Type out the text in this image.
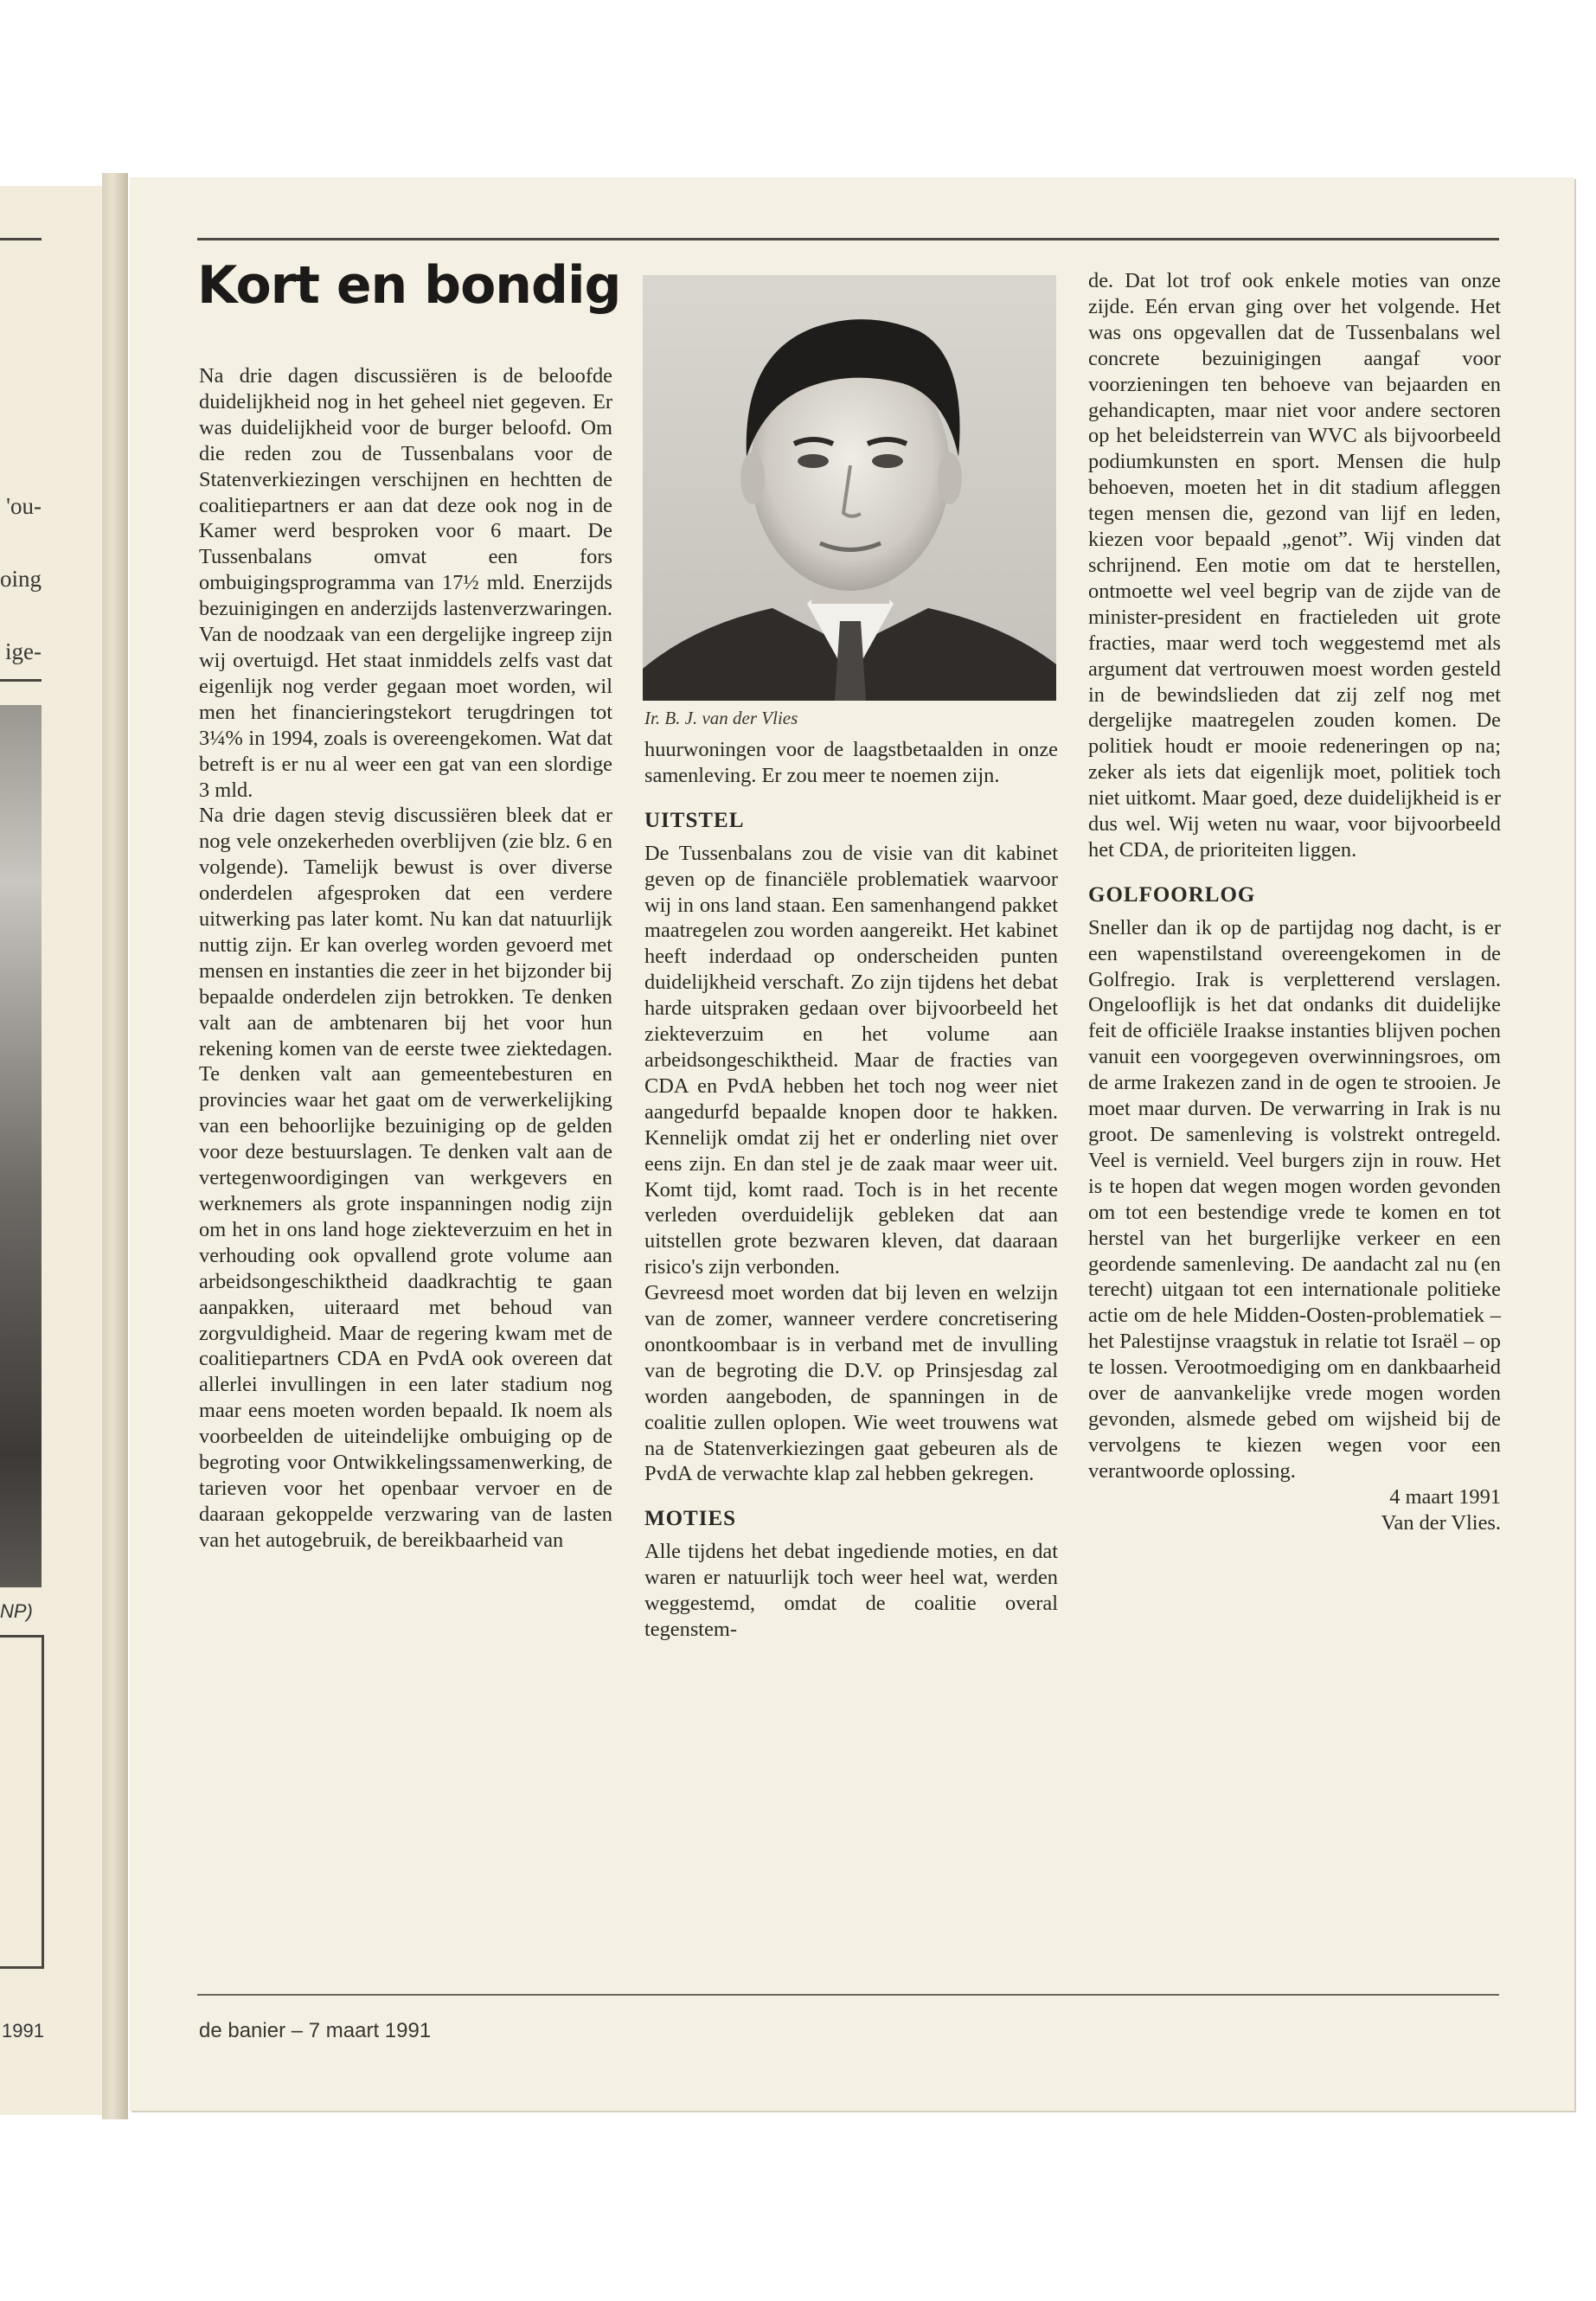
'ou-

oing

ige-

NP)
1991
Kort en bondig

Na drie dagen discussiëren is de beloofde duidelijkheid nog in het geheel niet gegeven. Er was duidelijkheid voor de burger beloofd. Om die reden zou de Tussenbalans voor de Statenverkiezingen verschijnen en hechtten de coalitiepartners er aan dat deze ook nog in de Kamer werd besproken voor 6 maart. De Tussenbalans omvat een fors ombuigingsprogramma van 17½ mld. Enerzijds bezuinigingen en anderzijds lastenverzwaringen. Van de noodzaak van een dergelijke ingreep zijn wij overtuigd. Het staat inmiddels zelfs vast dat eigenlijk nog verder gegaan moet worden, wil men het financieringstekort terugdringen tot 3¼% in 1994, zoals is overeengekomen. Wat dat betreft is er nu al weer een gat van een slordige 3 mld.

Na drie dagen stevig discussiëren bleek dat er nog vele onzekerheden overblijven (zie blz. 6 en volgende). Tamelijk bewust is over diverse onderdelen afgesproken dat een verdere uitwerking pas later komt. Nu kan dat natuurlijk nuttig zijn. Er kan overleg worden gevoerd met mensen en instanties die zeer in het bijzonder bij bepaalde onderdelen zijn betrokken. Te denken valt aan de ambtenaren bij het voor hun rekening komen van de eerste twee ziektedagen. Te denken valt aan gemeentebesturen en provincies waar het gaat om de verwerkelijking van een behoorlijke bezuiniging op de gelden voor deze bestuurslagen. Te denken valt aan de vertegenwoordigingen van werkgevers en werknemers als grote inspanningen nodig zijn om het in ons land hoge ziekteverzuim en het in verhouding ook opvallend grote volume aan arbeidsongeschiktheid daadkrachtig te gaan aanpakken, uiteraard met behoud van zorgvuldigheid. Maar de regering kwam met de coalitiepartners CDA en PvdA ook overeen dat allerlei invullingen in een later stadium nog maar eens moeten worden bepaald. Ik noem als voorbeelden de uiteindelijke ombuiging op de begroting voor Ontwikkelingssamenwerking, de tarieven voor het openbaar vervoer en de daaraan gekoppelde verzwaring van de lasten van het autogebruik, de bereikbaarheid van

Ir. B. J. van der Vlies

huurwoningen voor de laagstbetaalden in onze samenleving. Er zou meer te noemen zijn.

UITSTEL

De Tussenbalans zou de visie van dit kabinet geven op de financiële problematiek waarvoor wij in ons land staan. Een samenhangend pakket maatregelen zou worden aangereikt. Het kabinet heeft inderdaad op onderscheiden punten duidelijkheid verschaft. Zo zijn tijdens het debat harde uitspraken gedaan over bijvoorbeeld het ziekteverzuim en het volume aan arbeidsongeschiktheid. Maar de fracties van CDA en PvdA hebben het toch nog weer niet aangedurfd bepaalde knopen door te hakken. Kennelijk omdat zij het er onderling niet over eens zijn. En dan stel je de zaak maar weer uit. Komt tijd, komt raad. Toch is in het recente verleden overduidelijk gebleken dat aan uitstellen grote bezwaren kleven, dat daaraan risico's zijn verbonden.

Gevreesd moet worden dat bij leven en welzijn van de zomer, wanneer verdere concretisering onontkoombaar is in verband met de invulling van de begroting die D.V. op Prinsjesdag zal worden aangeboden, de spanningen in de coalitie zullen oplopen. Wie weet trouwens wat na de Statenverkiezingen gaat gebeuren als de PvdA de verwachte klap zal hebben gekregen.

MOTIES

Alle tijdens het debat ingediende moties, en dat waren er natuurlijk toch weer heel wat, werden weggestemd, omdat de coalitie overal tegenstem-

de. Dat lot trof ook enkele moties van onze zijde. Eén ervan ging over het volgende. Het was ons opgevallen dat de Tussenbalans wel concrete bezuinigingen aangaf voor voorzieningen ten behoeve van bejaarden en gehandicapten, maar niet voor andere sectoren op het beleidsterrein van WVC als bijvoorbeeld podiumkunsten en sport. Mensen die hulp behoeven, moeten het in dit stadium afleggen tegen mensen die, gezond van lijf en leden, kiezen voor bepaald „genot”. Wij vinden dat schrijnend. Een motie om dat te herstellen, ontmoette wel veel begrip van de zijde van de minister-president en fractieleden uit grote fracties, maar werd toch weggestemd met als argument dat vertrouwen moest worden gesteld in de bewindslieden dat zij zelf nog met dergelijke maatregelen zouden komen. De politiek houdt er mooie redeneringen op na; zeker als iets dat eigenlijk moet, politiek toch niet uitkomt. Maar goed, deze duidelijkheid is er dus wel. Wij weten nu waar, voor bijvoorbeeld het CDA, de prioriteiten liggen.

GOLFOORLOG

Sneller dan ik op de partijdag nog dacht, is er een wapenstilstand overeengekomen in de Golfregio. Irak is verpletterend verslagen. Ongelooflijk is het dat ondanks dit duidelijke feit de officiële Iraakse instanties blijven pochen vanuit een voorgegeven overwinningsroes, om de arme Irakezen zand in de ogen te strooien. Je moet maar durven. De verwarring in Irak is nu groot. De samenleving is volstrekt ontregeld. Veel is vernield. Veel burgers zijn in rouw. Het is te hopen dat wegen mogen worden gevonden om tot een bestendige vrede te komen en tot herstel van het burgerlijke verkeer en een geordende samenleving. De aandacht zal nu (en terecht) uitgaan tot een internationale politieke actie om de hele Midden-Oosten-problematiek – het Palestijnse vraagstuk in relatie tot Israël – op te lossen. Verootmoediging om en dankbaarheid over de aanvankelijke vrede mogen worden gevonden, alsmede gebed om wijsheid bij de vervolgens te kiezen wegen voor een verantwoorde oplossing.

4 maart 1991
Van der Vlies.
de banier – 7 maart 1991
